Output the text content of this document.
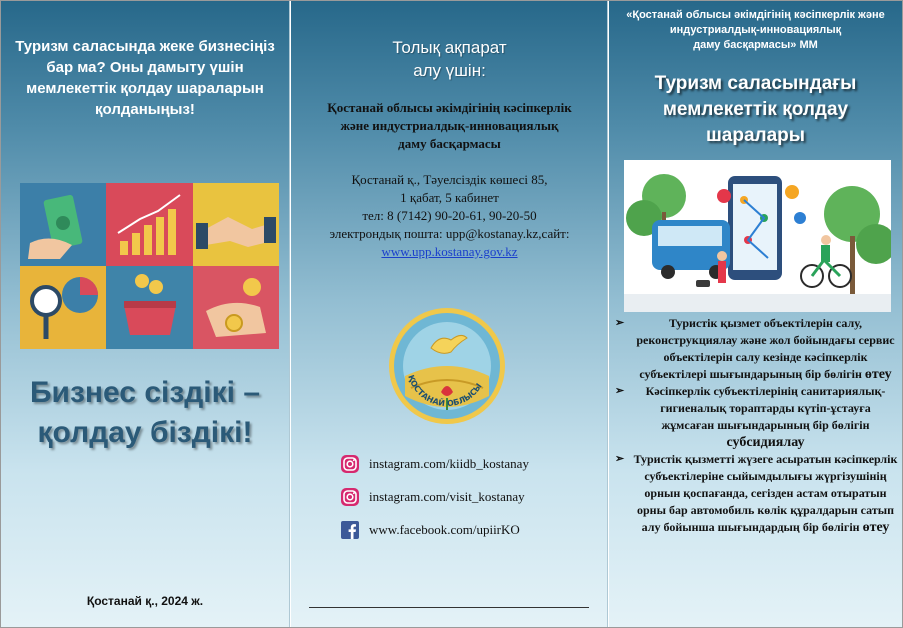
Туризм саласында жеке бизнесіңіз бар ма? Оны дамыту үшін мемлекеттік қолдау шараларын қолданыңыз!
Бизнес сіздікі –
қолдау біздікі!
Қостанай қ., 2024 ж.
Толық ақпарат
алу үшін:
Қостанай облысы әкімдігінің кәсіпкерлік
және индустриалдық-инновациялық
даму басқармасы
Қостанай қ., Тәуелсіздік көшесі 85,
1 қабат, 5 кабинет
тел: 8 (7142) 90-20-61, 90-20-50
электрондық пошта: upp@kostanay.kz,сайт:
www.upp.kostanay.gov.kz
ҚОСТАНАЙ ОБЛЫСЫ
instagram.com/kiidb_kostanay
instagram.com/visit_kostanay
www.facebook.com/upiirKO
«Қостанай облысы әкімдігінің кәсіпкерлік және
индустриалдық-инновациялық
даму басқармасы» ММ
Туризм саласындағы
мемлекеттік қолдау
шаралары
➢	Туристік қызмет объектілерін салу, реконструкциялау және жол бойындағы сервис объектілерін салу кезінде кәсіпкерлік субъектілері шығындарының бір бөлігін өтеу
➢ Кәсіпкерлік субъектілерінің санитариялық-гигиеналық тораптарды күтіп-ұстауға жұмсаған шығындарының бір бөлігін субсидиялау
➢ Туристік қызметті жүзеге асыратын кәсіпкерлік субъектілеріне сыйымдылығы жүргізушінің орнын қоспағанда, сегізден астам отыратын орны бар автомобиль көлік құралдарын сатып алу бойынша шығындардың бір бөлігін өтеу
